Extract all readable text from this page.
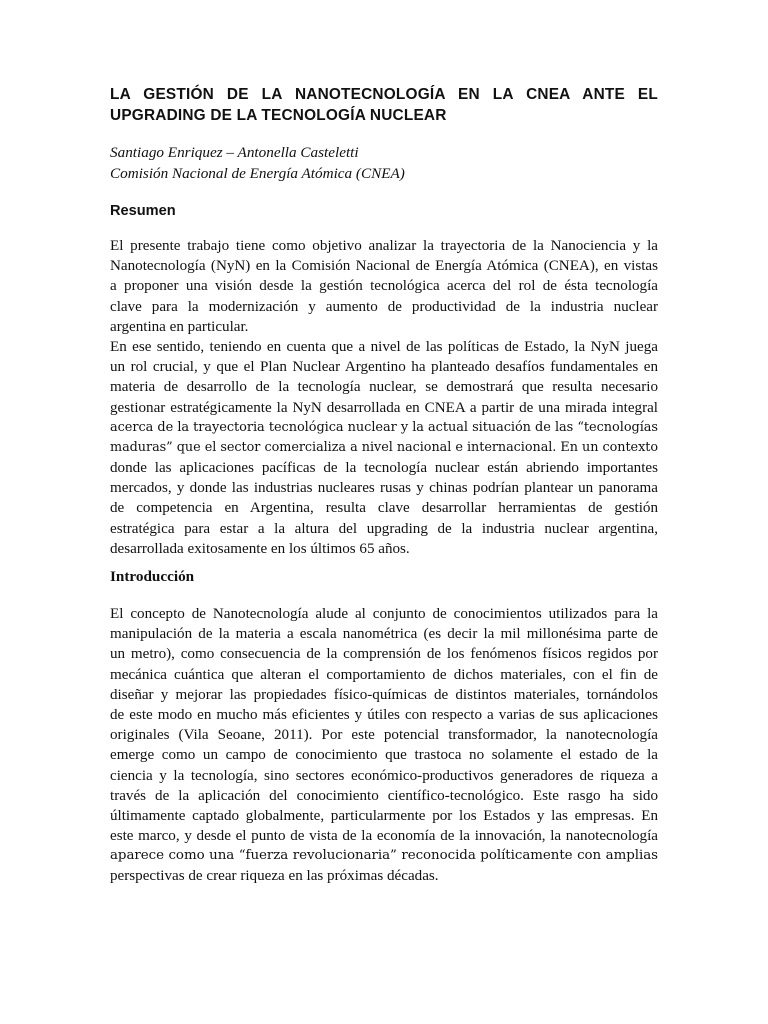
LA GESTIÓN DE LA NANOTECNOLOGÍA EN LA CNEA ANTE EL
UPGRADING DE LA TECNOLOGÍA NUCLEAR
Santiago Enriquez – Antonella Casteletti
Comisión Nacional de Energía Atómica (CNEA)
Resumen
El presente trabajo tiene como objetivo analizar la trayectoria de la Nanociencia y la
Nanotecnología (NyN) en la Comisión Nacional de Energía Atómica (CNEA), en vistas
a proponer una visión desde la gestión tecnológica acerca del rol de ésta tecnología
clave para la modernización y aumento de productividad de la industria nuclear
argentina en particular.
En ese sentido, teniendo en cuenta que a nivel de las políticas de Estado, la NyN juega
un rol crucial, y que el Plan Nuclear Argentino ha planteado desafíos fundamentales en
materia de desarrollo de la tecnología nuclear, se demostrará que resulta necesario
gestionar estratégicamente la NyN desarrollada en CNEA a partir de una mirada integral
acerca de la trayectoria tecnológica nuclear y la actual situación de las “tecnologías
maduras” que el sector comercializa a nivel nacional e internacional. En un contexto
donde las aplicaciones pacíficas de la tecnología nuclear están abriendo importantes
mercados, y donde las industrias nucleares rusas y chinas podrían plantear un panorama
de competencia en Argentina, resulta clave desarrollar herramientas de gestión
estratégica para estar a la altura del upgrading de la industria nuclear argentina,
desarrollada exitosamente en los últimos 65 años.
Introducción
El concepto de Nanotecnología alude al conjunto de conocimientos utilizados para la
manipulación de la materia a escala nanométrica (es decir la mil millonésima parte de
un metro), como consecuencia de la comprensión de los fenómenos físicos regidos por
mecánica cuántica que alteran el comportamiento de dichos materiales, con el fin de
diseñar y mejorar las propiedades físico-químicas de distintos materiales, tornándolos
de este modo en mucho más eficientes y útiles con respecto a varias de sus aplicaciones
originales (Vila Seoane, 2011). Por este potencial transformador, la nanotecnología
emerge como un campo de conocimiento que trastoca no solamente el estado de la
ciencia y la tecnología, sino sectores económico-productivos generadores de riqueza a
través de la aplicación del conocimiento científico-tecnológico. Este rasgo ha sido
últimamente captado globalmente, particularmente por los Estados y las empresas. En
este marco, y desde el punto de vista de la economía de la innovación, la nanotecnología
aparece como una “fuerza revolucionaria” reconocida políticamente con amplias
perspectivas de crear riqueza en las próximas décadas.
